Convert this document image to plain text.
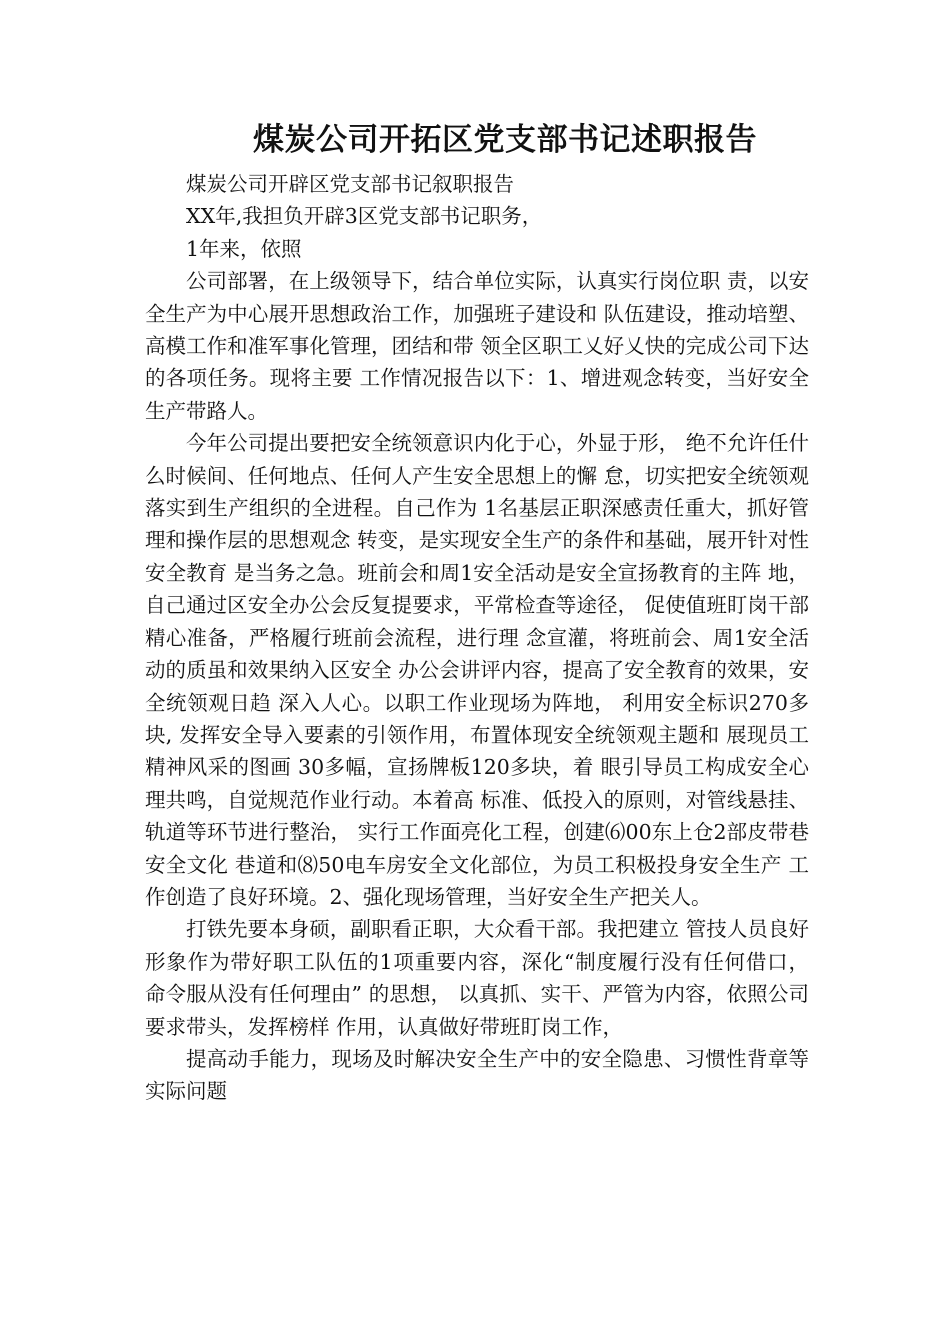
煤炭公司开拓区党支部书记述职报告

煤炭公司开辟区党支部书记叙职报告

XX年,我担负开辟3区党支部书记职务，

1年来，依照

公司部署，在上级领导下，结合单位实际，认真实行岗位职 责，以安全生产为中心展开思想政治工作，加强班子建设和 队伍建设，推动培塑、高模工作和准军事化管理，团结和带 领全区职工乂好乂快的完成公司下达的各项任务。现将主要 工作情况报告以下：1、增进观念转变，当好安全生产带路人。

今年公司提出要把安全统领意识内化于心，外显于形， 绝不允许任什么时候间、任何地点、任何人产生安全思想上的懈 怠，切实把安全统领观落实到生产组织的全进程。自己作为 1名基层正职深感责任重大，抓好管理和操作层的思想观念 转变，是实现安全生产的条件和基础，展开针对性安全教育 是当务之急。班前会和周1安全活动是安全宣扬教育的主阵 地，自己通过区安全办公会反复提要求，平常检查等途径， 促使值班盯岗干部精心准备，严格履行班前会流程，进行理 念宣灌，将班前会、周1安全活动的质虽和效果纳入区安全 办公会讲评内容，提高了安全教育的效果，安全统领观日趋 深入人心。以职工作业现场为阵地， 利用安全标识270多块, 发挥安全导入要素的引领作用，布置体现安全统领观主题和 展现员工精神风采的图画 30多幅，宣扬牌板120多块，着 眼引导员工构成安全心理共鸣，自觉规范作业行动。本着高 标准、低投入的原则，对管线悬挂、轨道等环节进行整治， 实行工作面亮化工程，创建⑹00东上仓2部皮带巷安全文化 巷道和⑻50电车房安全文化部位，为员工积极投身安全生产 工作创造了良好环境。2、强化现场管理，当好安全生产把关人。

打铁先要本身硕，副职看正职，大众看干部。我把建立 管技人员良好形象作为带好职工队伍的1项重要内容，深化“制度履行没有任何借口， 命令服从没有任何理由” 的思想， 以真抓、实干、严管为内容，依照公司要求带头，发挥榜样 作用，认真做好带班盯岗工作，

提高动手能力，现场及时解决安全生产中的安全隐患、习惯性背章等实际问题
